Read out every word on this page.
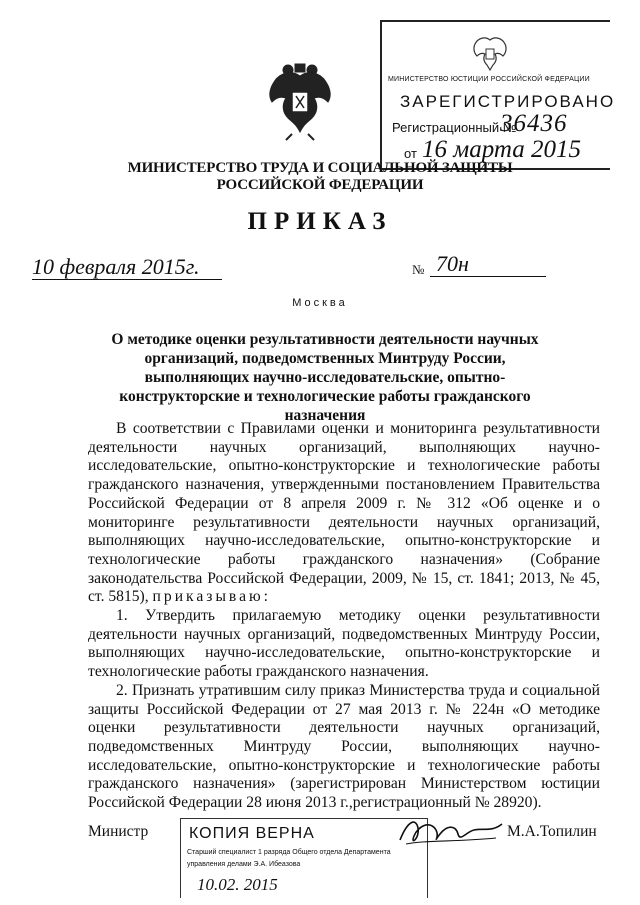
МИНИСТЕРСТВО ЮСТИЦИИ РОССИЙСКОЙ ФЕДЕРАЦИИ
ЗАРЕГИСТРИРОВАНО
Регистрационный №
36436
от 16 марта 2015
МИНИСТЕРСТВО ТРУДА И СОЦИАЛЬНОЙ ЗАЩИТЫ РОССИЙСКОЙ ФЕДЕРАЦИИ
ПРИКАЗ
10 февраля 2015г.	№ 70н
Москва
О методике оценки результативности деятельности научных организаций, подведомственных Минтруду России, выполняющих научно-исследовательские, опытно-конструкторские и технологические работы гражданского назначения

В соответствии с Правилами оценки и мониторинга результативности деятельности научных организаций, выполняющих научно-исследовательские, опытно-конструкторские и технологические работы гражданского назначения, утвержденными постановлением Правительства Российской Федерации от 8 апреля 2009 г. № 312 «Об оценке и о мониторинге результативности деятельности научных организаций, выполняющих научно-исследовательские, опытно-конструкторские и технологические работы гражданского назначения» (Собрание законодательства Российской Федерации, 2009, № 15, ст. 1841; 2013, № 45, ст. 5815), приказываю:

1. Утвердить прилагаемую методику оценки результативности деятельности научных организаций, подведомственных Минтруду России, выполняющих научно-исследовательские, опытно-конструкторские и технологические работы гражданского назначения.

2. Признать утратившим силу приказ Министерства труда и социальной защиты Российской Федерации от 27 мая 2013 г. № 224н «О методике оценки результативности деятельности научных организаций, подведомственных Минтруду России, выполняющих научно-исследовательские, опытно-конструкторские и технологические работы гражданского назначения» (зарегистрирован Министерством юстиции Российской Федерации 28 июня 2013 г.,регистрационный № 28920).

Министр	КОПИЯ ВЕРНА
Старший специалист 1 разряда Общего отдела Департамента
управления делами Э.А. Ибеазова
10.02. 2015
М.А.Топилин
